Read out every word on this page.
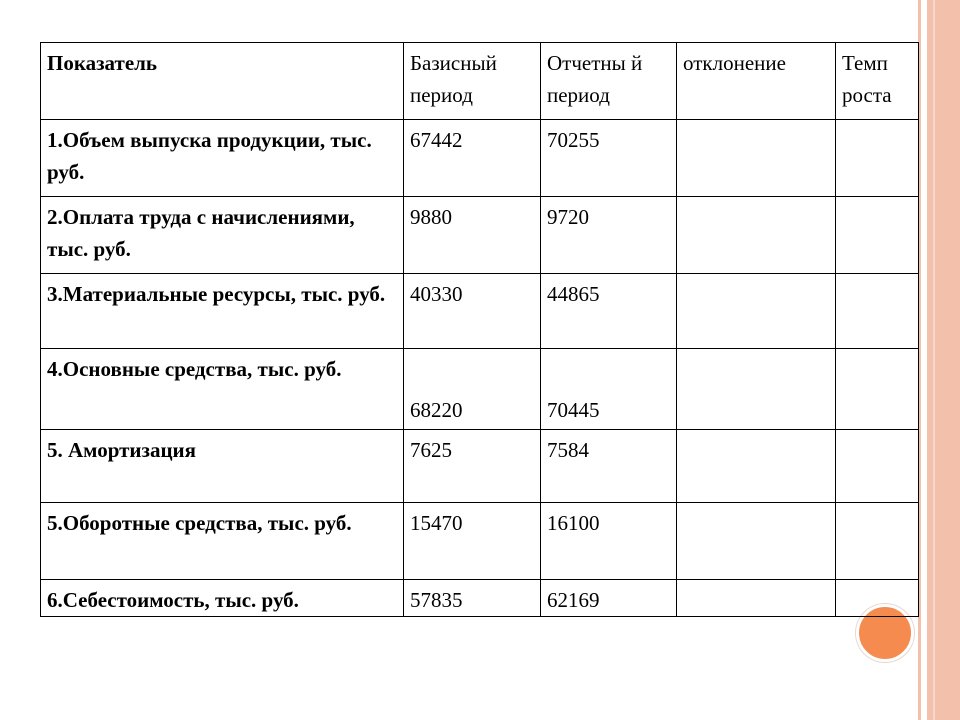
Показатель	Базисный период	Отчетны й период	отклонение	Темп роста
1.Объем выпуска продукции, тыс. руб.	67442	70255		
2.Оплата труда с начислениями, тыс. руб.	9880	9720		
3.Материальные ресурсы, тыс. руб.	40330	44865		
4.Основные средства, тыс. руб.	68220	70445		
5. Амортизация	7625	7584		
5.Оборотные средства, тыс. руб.	15470	16100		
6.Себестоимость, тыс. руб.	57835	62169		
